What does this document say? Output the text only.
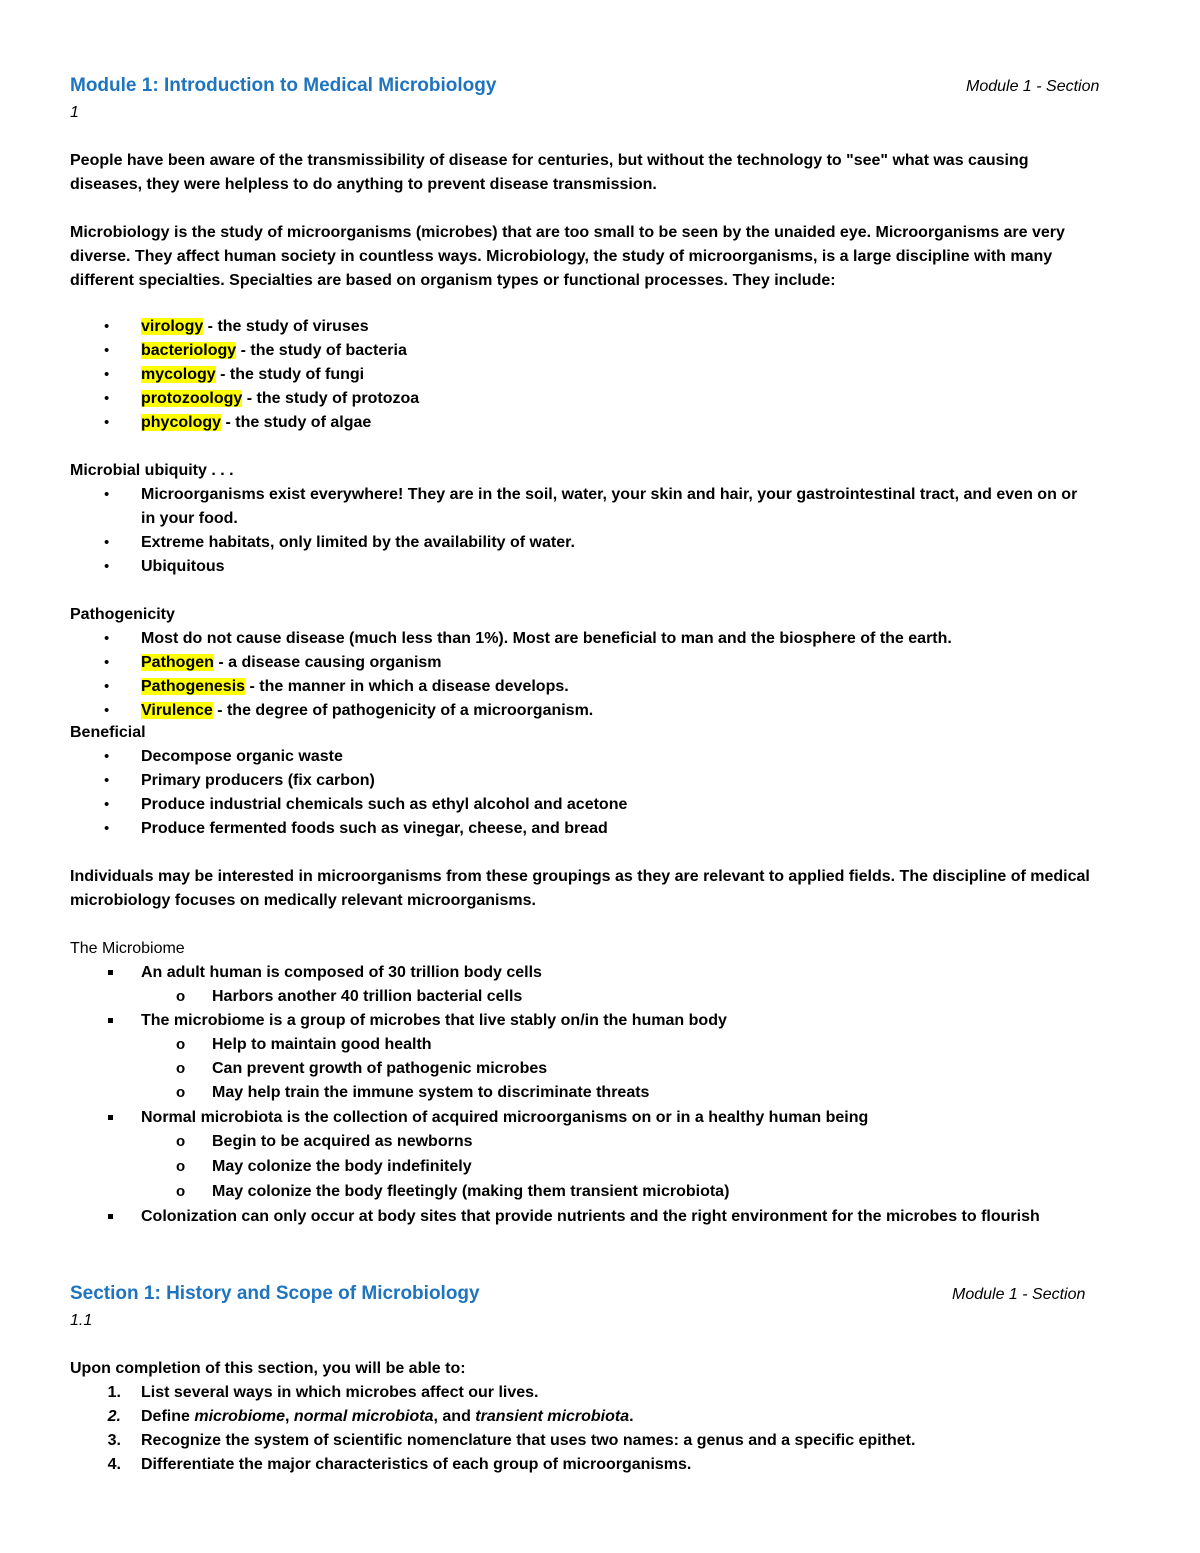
Module 1: Introduction to Medical Microbiology	Module 1 - Section
1
People have been aware of the transmissibility of disease for centuries, but without the technology to "see" what was causing
diseases, they were helpless to do anything to prevent disease transmission.
Microbiology is the study of microorganisms (microbes) that are too small to be seen by the unaided eye. Microorganisms are very
diverse. They affect human society in countless ways. Microbiology, the study of microorganisms, is a large discipline with many
different specialties. Specialties are based on organism types or functional processes. They include:
• virology - the study of viruses
• bacteriology - the study of bacteria
• mycology - the study of fungi
• protozoology - the study of protozoa
• phycology - the study of algae
Microbial ubiquity . . .
• Microorganisms exist everywhere! They are in the soil, water, your skin and hair, your gastrointestinal tract, and even on or
in your food.
• Extreme habitats, only limited by the availability of water.
• Ubiquitous
Pathogenicity
• Most do not cause disease (much less than 1%). Most are beneficial to man and the biosphere of the earth.
• Pathogen - a disease causing organism
• Pathogenesis - the manner in which a disease develops.
• Virulence - the degree of pathogenicity of a microorganism.
Beneficial
• Decompose organic waste
• Primary producers (fix carbon)
• Produce industrial chemicals such as ethyl alcohol and acetone
• Produce fermented foods such as vinegar, cheese, and bread
Individuals may be interested in microorganisms from these groupings as they are relevant to applied fields. The discipline of medical
microbiology focuses on medically relevant microorganisms.
The Microbiome
An adult human is composed of 30 trillion body cells
o Harbors another 40 trillion bacterial cells
The microbiome is a group of microbes that live stably on/in the human body
o Help to maintain good health
o Can prevent growth of pathogenic microbes
o May help train the immune system to discriminate threats
Normal microbiota is the collection of acquired microorganisms on or in a healthy human being
o Begin to be acquired as newborns
o May colonize the body indefinitely
o May colonize the body fleetingly (making them transient microbiota)
Colonization can only occur at body sites that provide nutrients and the right environment for the microbes to flourish
Section 1: History and Scope of Microbiology	Module 1 - Section
1.1
Upon completion of this section, you will be able to:
1. List several ways in which microbes affect our lives.
2. Define microbiome, normal microbiota, and transient microbiota.
3. Recognize the system of scientific nomenclature that uses two names: a genus and a specific epithet.
4. Differentiate the major characteristics of each group of microorganisms.
